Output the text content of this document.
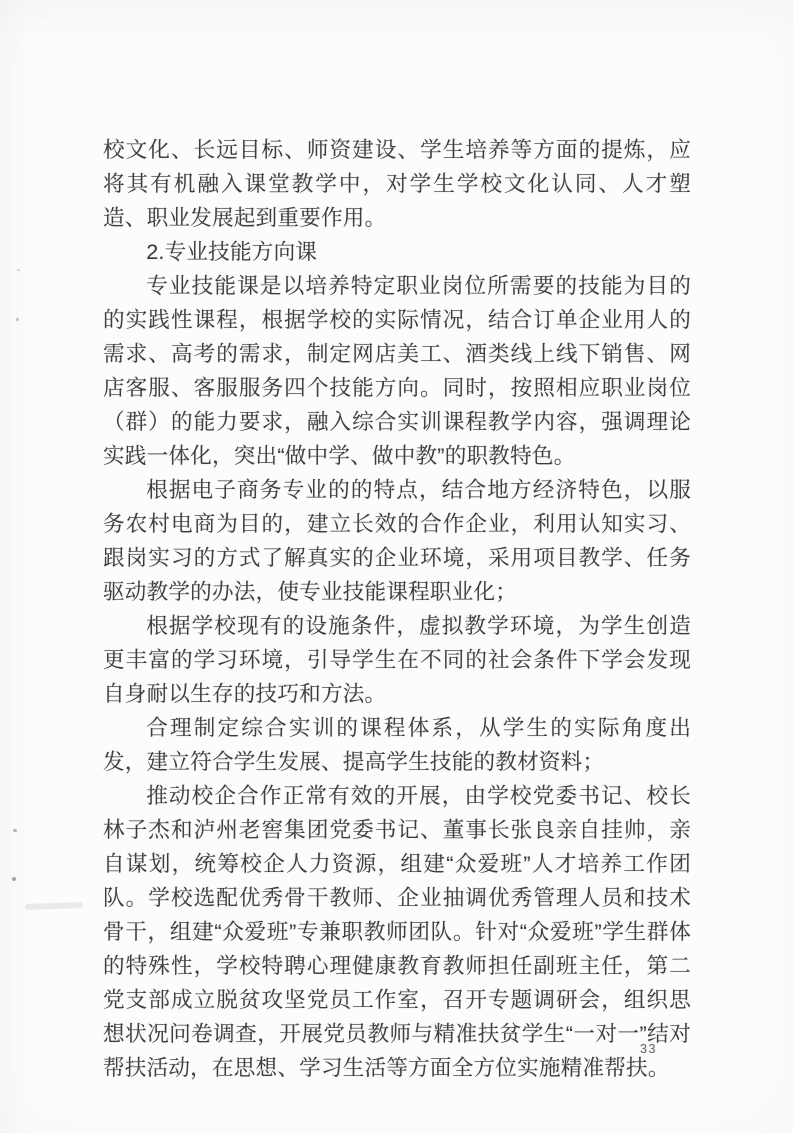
校文化、长远目标、师资建设、学生培养等方面的提炼，应将其有机融入课堂教学中，对学生学校文化认同、人才塑造、职业发展起到重要作用。

2.专业技能方向课

专业技能课是以培养特定职业岗位所需要的技能为目的的实践性课程，根据学校的实际情况，结合订单企业用人的需求、高考的需求，制定网店美工、酒类线上线下销售、网店客服、客服服务四个技能方向。同时，按照相应职业岗位（群）的能力要求，融入综合实训课程教学内容，强调理论实践一体化，突出“做中学、做中教”的职教特色。

根据电子商务专业的的特点，结合地方经济特色，以服务农村电商为目的，建立长效的合作企业，利用认知实习、跟岗实习的方式了解真实的企业环境，采用项目教学、任务驱动教学的办法，使专业技能课程职业化；

根据学校现有的设施条件，虚拟教学环境，为学生创造更丰富的学习环境，引导学生在不同的社会条件下学会发现自身耐以生存的技巧和方法。

合理制定综合实训的课程体系，从学生的实际角度出发，建立符合学生发展、提高学生技能的教材资料；

推动校企合作正常有效的开展，由学校党委书记、校长林子杰和泸州老窖集团党委书记、董事长张良亲自挂帅，亲自谋划，统筹校企人力资源，组建“众爱班”人才培养工作团队。学校选配优秀骨干教师、企业抽调优秀管理人员和技术骨干，组建“众爱班”专兼职教师团队。针对“众爱班”学生群体的特殊性，学校特聘心理健康教育教师担任副班主任，第二党支部成立脱贫攻坚党员工作室，召开专题调研会，组织思想状况问卷调查，开展党员教师与精准扶贫学生“一对一”结对帮扶活动，在思想、学习生活等方面全方位实施精准帮扶。

33
